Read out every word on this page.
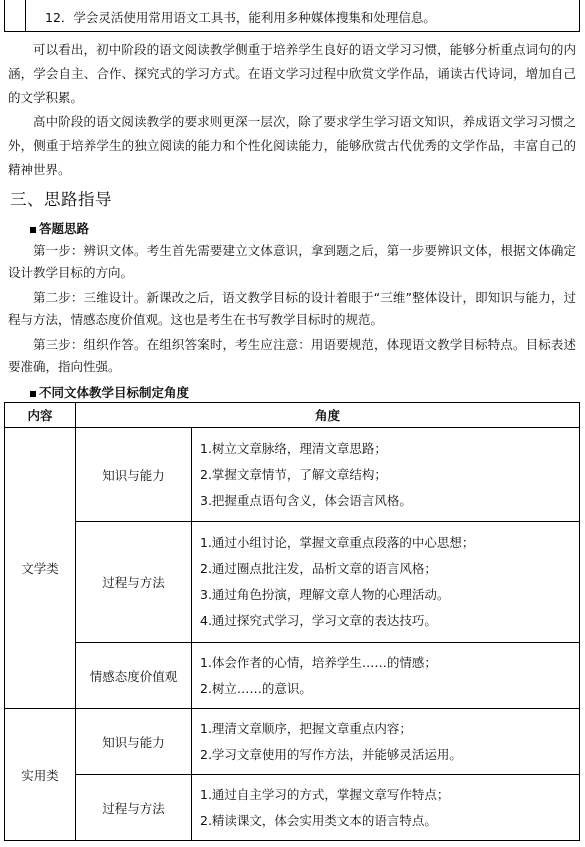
12．学会灵活使用常用语文工具书，能利用多种媒体搜集和处理信息。

可以看出，初中阶段的语文阅读教学侧重于培养学生良好的语文学习习惯，能够分析重点词句的内涵，学会自主、合作、探究式的学习方式。在语文学习过程中欣赏文学作品，诵读古代诗词，增加自己的文学积累。

高中阶段的语文阅读教学的要求则更深一层次，除了要求学生学习语文知识，养成语文学习习惯之外，侧重于培养学生的独立阅读的能力和个性化阅读能力，能够欣赏古代优秀的文学作品，丰富自己的精神世界。

三、思路指导
答题思路

第一步：辨识文体。考生首先需要建立文体意识，拿到题之后，第一步要辨识文体，根据文体确定设计教学目标的方向。

第二步：三维设计。新课改之后，语文教学目标的设计着眼于“三维”整体设计，即知识与能力，过程与方法，情感态度价值观。这也是考生在书写教学目标时的规范。

第三步：组织作答。在组织答案时，考生应注意：用语要规范，体现语文教学目标特点。目标表述要准确，指向性强。

不同文体教学目标制定角度
内容	角度	
文学类	知识与能力	1.树立文章脉络，理清文章思路；
2.掌握文章情节，了解文章结构；
3.把握重点语句含义，体会语言风格。

	过程与方法	1.通过小组讨论，掌握文章重点段落的中心思想；
2.通过圈点批注发，品析文章的语言风格；
3.通过角色扮演，理解文章人物的心理活动。
4.通过探究式学习，学习文章的表达技巧。

	情感态度价值观	1.体会作者的心情，培养学生……的情感；
2.树立……的意识。

实用类	知识与能力	1.理清文章顺序，把握文章重点内容；
2.学习文章使用的写作方法，并能够灵活运用。

	过程与方法	1.通过自主学习的方式，掌握文章写作特点；
2.精读课文，体会实用类文本的语言特点。
